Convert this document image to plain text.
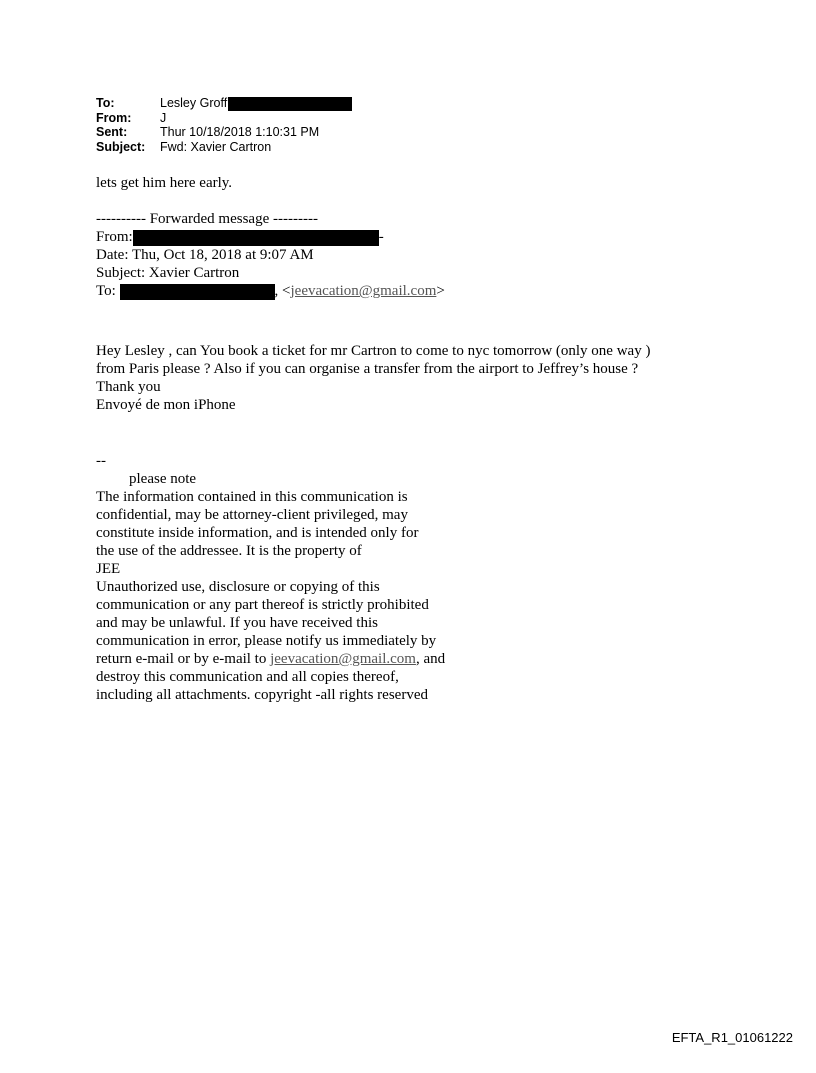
To:	Lesley Groff
From: J
Sent:	Thur 10/18/2018 1:10:31 PM
Subject: Fwd: Xavier Cartron
lets get him here early.
---------- Forwarded message ---------
From:	-
Date: Thu, Oct 18, 2018 at 9:07 AM
Subject: Xavier Cartron
To:	, <jeevacation@gmail.com>
Hey Lesley , can You book a ticket for mr Cartron to come to nyc tomorrow (only one way )
from Paris please ? Also if you can organise a transfer from the airport to Jeffrey’s house ?
Thank you
Envoyé de mon iPhone
--
please note
The information contained in this communication is
confidential, may be attorney-client privileged, may
constitute inside information, and is intended only for
the use of the addressee. It is the property of
JEE
Unauthorized use, disclosure or copying of this
communication or any part thereof is strictly prohibited
and may be unlawful. If you have received this
communication in error, please notify us immediately by
return e-mail or by e-mail to jeevacation@gmail.com, and
destroy this communication and all copies thereof,
including all attachments. copyright -all rights reserved
EFTA_R1_01061222
